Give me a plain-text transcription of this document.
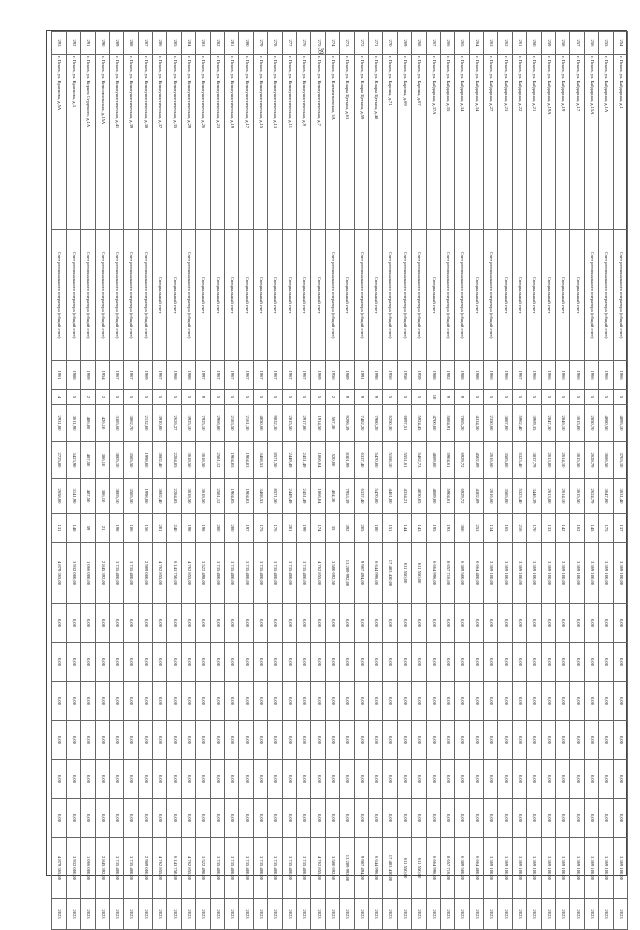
39
254	г. Псков, ул. Байдарная, д.1	Счет регионального оператора (общий счет)	1966	5	4095,10	3703,10	3631,40	137	3 369 100,00	0,00	0,00	0,00	0,00	0,00	0,00	3 369 100,00	2023
255	г. Псков, ул. Байдарная, д.1А	Счет регионального оператора (общий счет)	1966	5	4080,50	3686,50	3647,00	175	3 369 100,00	0,00	0,00	0,00	0,00	0,00	0,00	3 369 100,00	2023
256	г. Псков, ул. Байдарная, д.15А	Счет регионального оператора (общий счет)	1966	5	2850,70	2628,79	2624,79	145	3 369 100,00	0,00	0,00	0,00	0,00	0,00	0,00	3 369 100,00	2023
257	г. Псков, ул. Байдарная, д.17	Специальный счет	1966	5	3615,00	3615,50	3615,50	162	3 369 100,00	0,00	0,00	0,00	0,00	0,00	0,00	3 369 100,00	2023
258	г. Псков, ул. Байдарная, д.19	Специальный счет	1966	5	2846,10	2614,10	2614,10	142	3 369 100,00	0,00	0,00	0,00	0,00	0,00	0,00	3 369 100,00	2023
259	г. Псков, ул. Байдарная, д.19А	Специальный счет	1966	5	2847,30	2613,80	2613,80	133	3 369 100,00	0,00	0,00	0,00	0,00	0,00	0,00	3 369 100,00	2023
260	г. Псков, ул. Байдарная, д.21	Специальный счет	1966	5	3969,35	3837,79	3446,39	170	3 369 100,00	0,00	0,00	0,00	0,00	0,00	0,00	3 369 100,00	2023
261	г. Псков, ул. Байдарная, д.22	Специальный счет	1967	5	5962,40	5323,40	5323,40	216	3 369 100,00	0,00	0,00	0,00	0,00	0,00	0,00	3 369 100,00	2023
262	г. Псков, ул. Байдарная, д.23	Специальный счет	1966	5	3887,00	3585,00	3585,00	165	3 369 100,00	0,00	0,00	0,00	0,00	0,00	0,00	3 369 100,00	2023
263	г. Псков, ул. Байдарная, д.27	Счет регионального оператора (общий счет)	1966	5	2350,60	2616,60	2616,60	134	3 369 100,00	0,00	0,00	0,00	0,00	0,00	0,00	3 369 100,00	2023
264	г. Псков, ул. Байдарная, д.34	Специальный счет	1988	5	4334,50	4502,89	4302,89	253	6 664 400,00	0,00	0,00	0,00	0,00	0,00	0,00	6 664 400,00	2023
265	г. Псков, ул. Байдарная, д.34	Счет регионального оператора (общий счет)	1988	9	7865,20	6929,72	6929,72	360	6 389 500,00	0,00	0,00	0,00	0,00	0,00	0,00	6 389 500,00	2023
266	г. Псков, ул. Байдарная, д.35	Счет регионального оператора (общий счет)	1982	9	5884,91	5904,61	5904,61	193	8 657 716,00	0,00	0,00	0,00	0,00	0,00	0,00	8 657 716,00	2023
267	г. Псков, ул. Байдарная, д.37А	Специальный счет	1988	10	4700,00	4089,00	4089,00	195	6 664 996,00	0,00	0,00	0,00	0,00	0,00	0,00	6 664 996,00	2023
268	г. Псков, ул. Бароны, д.67	Счет регионального оператора (общий счет)	1959	5	5924,45	5462,73	4030,05	143	611 550,00	0,00	0,00	0,00	0,00	0,00	0,00	611 550,00	2023
269	г. Псков, ул. Бароны, д.69	Счет регионального оператора (общий счет)	1958	5	6097,51	5551,61	4334,21	144	611 550,00	0,00	0,00	0,00	0,00	0,00	0,00	611 550,00	2023
270	г. Псков, ул. Бароны, д.71	Счет регионального оператора (общий счет)	1956	5	6250,30	5168,10	4461,00	151	17 483 430,00	0,00	0,00	0,00	0,00	0,00	0,00	17 483 430,00	2023
271	г. Псков, ул. Клары Цеткин, д.48	Специальный счет	1998	9	7980,20	5470,00	5470,00	180	6 644 996,00	0,00	0,00	0,00	0,00	0,00	0,00	6 644 996,00	2023
272	г. Псков, ул. Клары Цеткин, д.59	Счет регионального оператора (общий счет)	1991	9	7482,20	6337,40	6337,40	205	9 987 494,00	0,00	0,00	0,00	0,00	0,00	0,00	9 987 494,00	2023
273	г. Псков, ул. Клары Цеткин, д.63	Специальный счет	1989	9	9296,39	8301,99	7953,39	392	13 289 992,00	0,00	0,00	0,00	0,00	0,00	0,00	13 289 992,00	2023
274	г. Псков, ул. Клементьевская, 3А	Счет регионального оператора (общий счет)	1956	2	567,30	520,00	464,30	35	3 580 692,50	0,00	0,00	0,00	0,00	0,00	0,00	3 580 692,50	2023
275	г. Псков, ул. Коммунистическая, д.7	Специальный счет	1969	5	1914,50	1866,04	1866,04	174	4 762 855,00	0,00	0,00	0,00	0,00	0,00	0,00	4 762 855,00	2023
276	г. Псков, ул. Коммунистическая, д.9	Специальный счет	1967	5	2917,80	2451,49	2451,49	199	3 735 400,00	0,00	0,00	0,00	0,00	0,00	0,00	3 735 400,00	2023
277	г. Псков, ул. Коммунистическая, д.11	Специальный счет	1967	5	2815,50	2449,49	2449,49	201	3 735 400,00	0,00	0,00	0,00	0,00	0,00	0,00	3 735 400,00	2023
278	г. Псков, ул. Коммунистическая, д.13	Специальный счет	1967	5	9832,30	8571,50	8571,50	176	3 735 400,00	0,00	0,00	0,00	0,00	0,00	0,00	3 735 400,00	2023
279	г. Псков, ул. Коммунистическая, д.15	Специальный счет	1967	5	4050,60	3468,53	3468,53	175	3 735 400,00	0,00	0,00	0,00	0,00	0,00	0,00	3 735 400,00	2023
280	г. Псков, ул. Коммунистическая, д.17	Специальный счет	1967	5	2161,30	1904,03	1904,03	197	3 735 400,00	0,00	0,00	0,00	0,00	0,00	0,00	3 735 400,00	2023
281	г. Псков, ул. Коммунистическая, д.19	Специальный счет	1967	5	2183,50	1904,05	1904,05	200	3 735 400,00	0,00	0,00	0,00	0,00	0,00	0,00	3 735 400,00	2023
282	г. Псков, ул. Коммунистическая, д.23	Специальный счет	1967	5	2966,80	2581,12	2581,12	200	3 735 400,00	0,00	0,00	0,00	0,00	0,00	0,00	3 735 400,00	2023
283	г. Псков, ул. Коммунистическая, д.26	Специальный счет	1997	9	7925,10	3618,50	3618,50	198	3 522 498,00	0,00	0,00	0,00	0,00	0,00	0,00	3 522 498,00	2023
284	г. Псков, ул. Коммунистическая, д.29	Счет регионального оператора (общий счет)	1988	5	3925,10	3618,50	3618,50	198	4 762 855,00	0,00	0,00	0,00	0,00	0,00	0,00	4 762 855,00	2023
285	г. Псков, ул. Коммунистическая, д.35	Специальный счет	1968	5	2626,27	2284,85	2284,85	240	6 143 750,00	0,00	0,00	0,00	0,00	0,00	0,00	6 143 750,00	2023
286	г. Псков, ул. Коммунистическая, д.37	Специальный счет	1967	5	3910,00	3602,40	3602,40	201	4 762 855,00	0,00	0,00	0,00	0,00	0,00	0,00	4 762 855,00	2023
287	г. Псков, ул. Коммунистическая, д.38	Счет регионального оператора (общий счет)	1969	5	2132,00	1998,00	1998,00	156	2 989 000,00	0,00	0,00	0,00	0,00	0,00	0,00	2 989 000,00	2023
288	г. Псков, ул. Коммунистическая, д.39	Счет регионального оператора (общий счет)	1967	5	3862,70	3585,50	3585,50	186	3 735 400,00	0,00	0,00	0,00	0,00	0,00	0,00	3 735 400,00	2023
289	г. Псков, ул. Коммунистическая, д.41	Счет регионального оператора (общий счет)	1967	5	3385,60	3005,10	3005,10	198	3 735 400,00	0,00	0,00	0,00	0,00	0,00	0,00	3 735 400,00	2023
290	г. Псков, ул. Комсомольская, д.15А	Счет регионального оператора (общий счет)	1954	2	426,10	386,10	386,10	21	2 845 392,00	0,00	0,00	0,00	0,00	0,00	0,00	2 845 392,00	2023
291	г. Псков, ул. Корнея Студеного, д.1А	Счет регионального оператора (общий счет)	1969	2	486,00	487,50	487,50	59	1 066 000,00	0,00	0,00	0,00	0,00	0,00	0,00	1 066 000,00	2023
292	г. Псков, ул. Краснова, д.3	Счет регионального оператора (общий счет)	1988	5	3611,90	3423,90	3141,90	148	3 932 000,00	0,00	0,00	0,00	0,00	0,00	0,00	3 932 000,00	2023
293	г. Псков, ул. Краснова, д.5А	Счет регионального оператора (общий счет)	1961	4	2931,80	2725,80	2658,00	131	4 879 365,00	0,00	0,00	0,00	0,00	0,00	0,00	4 879 365,00	2023
